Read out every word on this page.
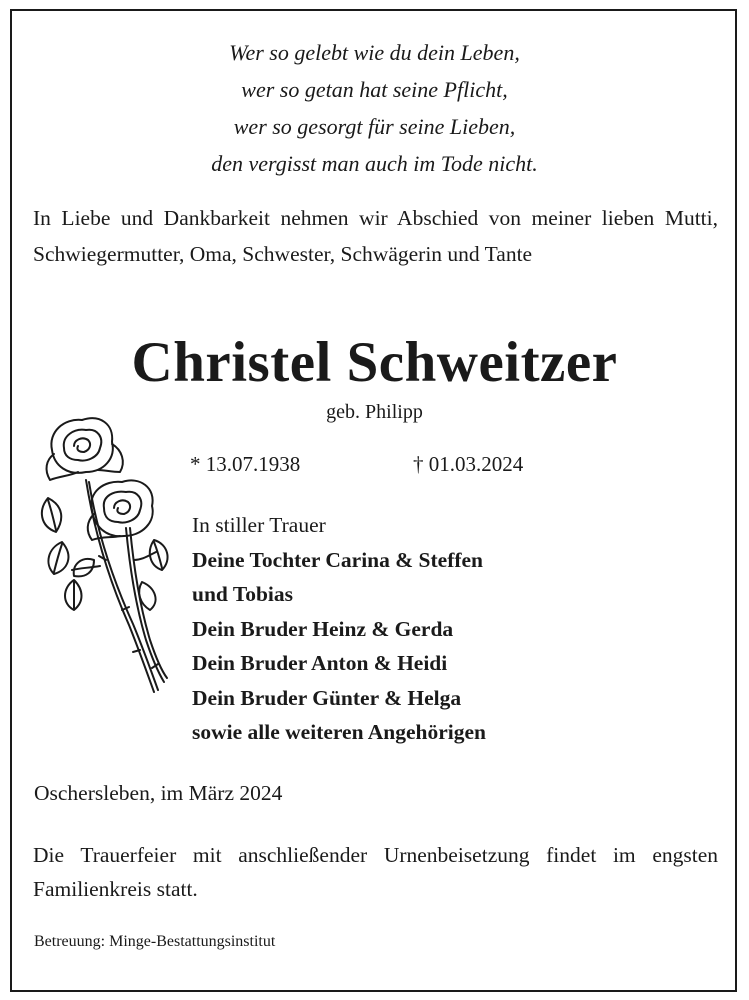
Wer so gelebt wie du dein Leben,
wer so getan hat seine Pflicht,
wer so gesorgt für seine Lieben,
den vergisst man auch im Tode nicht.
In Liebe und Dankbarkeit nehmen wir Abschied von meiner lieben Mutti, Schwiegermutter, Oma, Schwester, Schwägerin und Tante
Christel Schweitzer
geb. Philipp
* 13.07.1938	† 01.03.2024
In stiller Trauer
Deine Tochter Carina & Steffen
und Tobias
Dein Bruder Heinz & Gerda
Dein Bruder Anton & Heidi
Dein Bruder Günter & Helga
sowie alle weiteren Angehörigen
Oschersleben, im März 2024
Die Trauerfeier mit anschließender Urnenbeisetzung findet im engsten Familienkreis statt.
Betreuung: Minge-Bestattungsinstitut
